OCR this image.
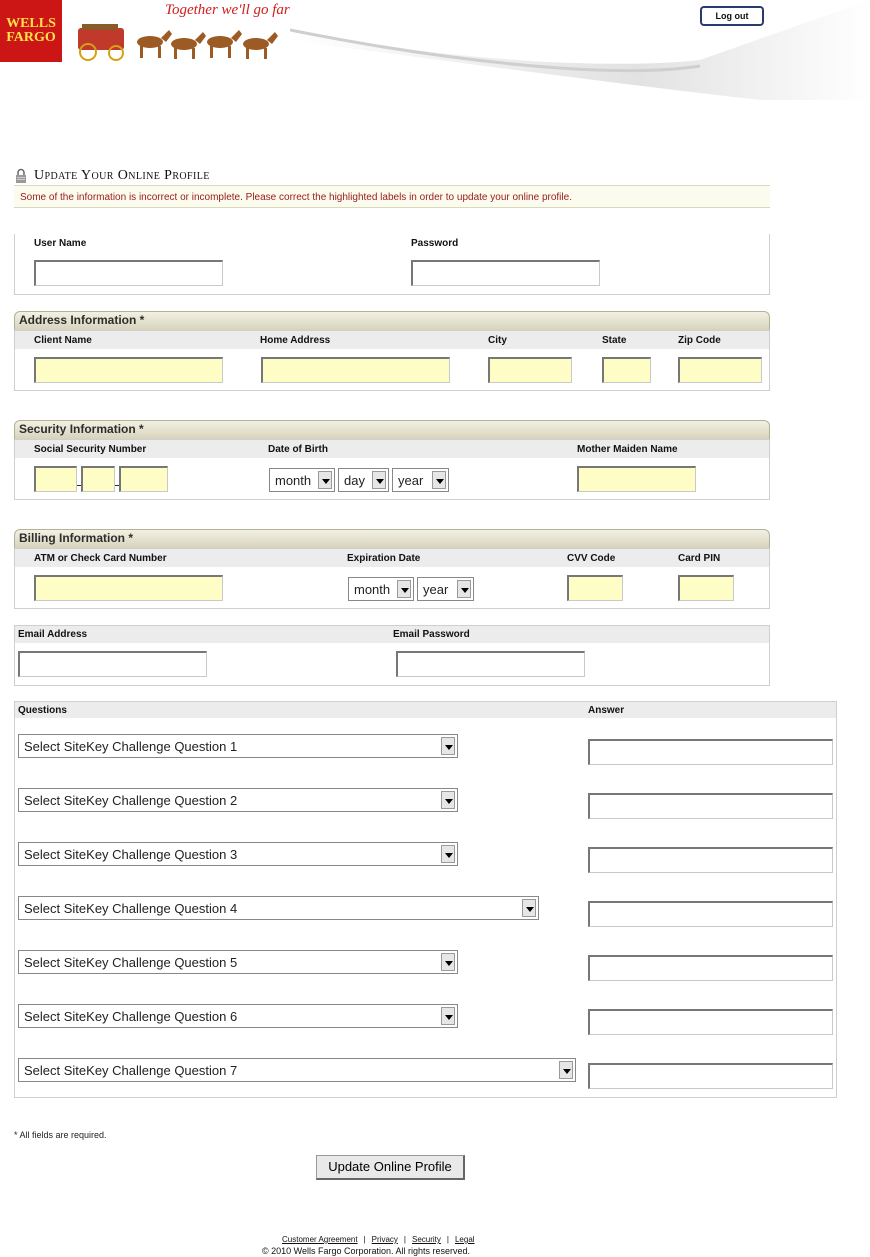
WELLS
FARGO
Together we'll go far	Log out
Update Your Online Profile
Some of the information is incorrect or incomplete. Please correct the highlighted labels in order to update your online profile.
User Name	Password
Address Information *
Client Name	Home Address	City	State	Zip Code
Security Information *
Social Security Number	Date of Birth	Mother Maiden Name
month	day	year
Billing Information *
ATM or Check Card Number	Expiration Date	CVV Code	Card PIN
month	year
Email Address	Email Password
Questions	Answer
Select SiteKey Challenge Question 1
Select SiteKey Challenge Question 2
Select SiteKey Challenge Question 3
Select SiteKey Challenge Question 4
Select SiteKey Challenge Question 5
Select SiteKey Challenge Question 6
Select SiteKey Challenge Question 7
* All fields are required.
Update Online Profile
Customer Agreement | Privacy | Security | Legal
© 2010 Wells Fargo Corporation. All rights reserved.
